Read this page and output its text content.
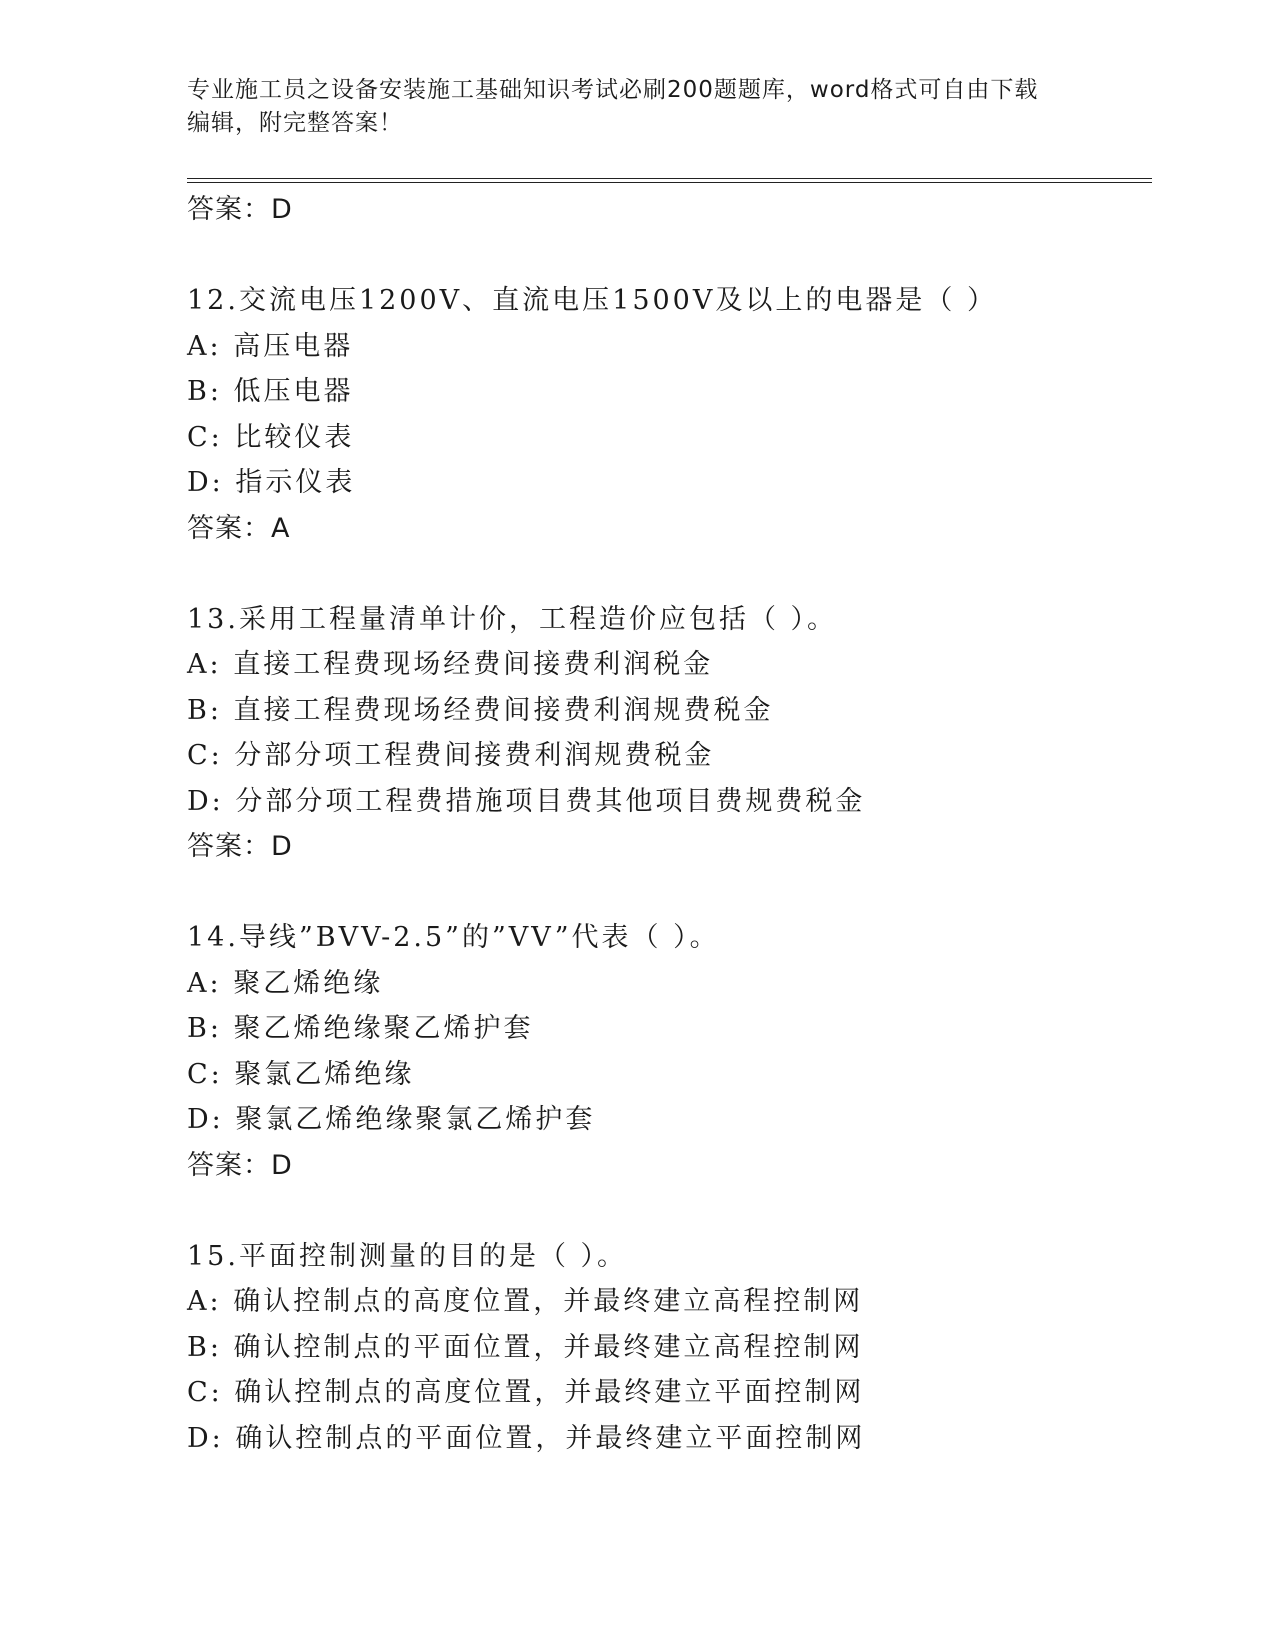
专业施工员之设备安装施工基础知识考试必刷200题题库，word格式可自由下载
编辑，附完整答案！
答案：D
12.交流电压1200V、直流电压1500V及以上的电器是（ ）
A: 高压电器
B: 低压电器
C: 比较仪表
D: 指示仪表
答案：A
13.采用工程量清单计价，工程造价应包括（ ）。
A: 直接工程费现场经费间接费利润税金
B: 直接工程费现场经费间接费利润规费税金
C: 分部分项工程费间接费利润规费税金
D: 分部分项工程费措施项目费其他项目费规费税金
答案：D
14.导线”BVV-2.5”的”VV”代表（ ）。
A: 聚乙烯绝缘
B: 聚乙烯绝缘聚乙烯护套
C: 聚氯乙烯绝缘
D: 聚氯乙烯绝缘聚氯乙烯护套
答案：D
15.平面控制测量的目的是（ ）。
A: 确认控制点的高度位置，并最终建立高程控制网
B: 确认控制点的平面位置，并最终建立高程控制网
C: 确认控制点的高度位置，并最终建立平面控制网
D: 确认控制点的平面位置，并最终建立平面控制网
